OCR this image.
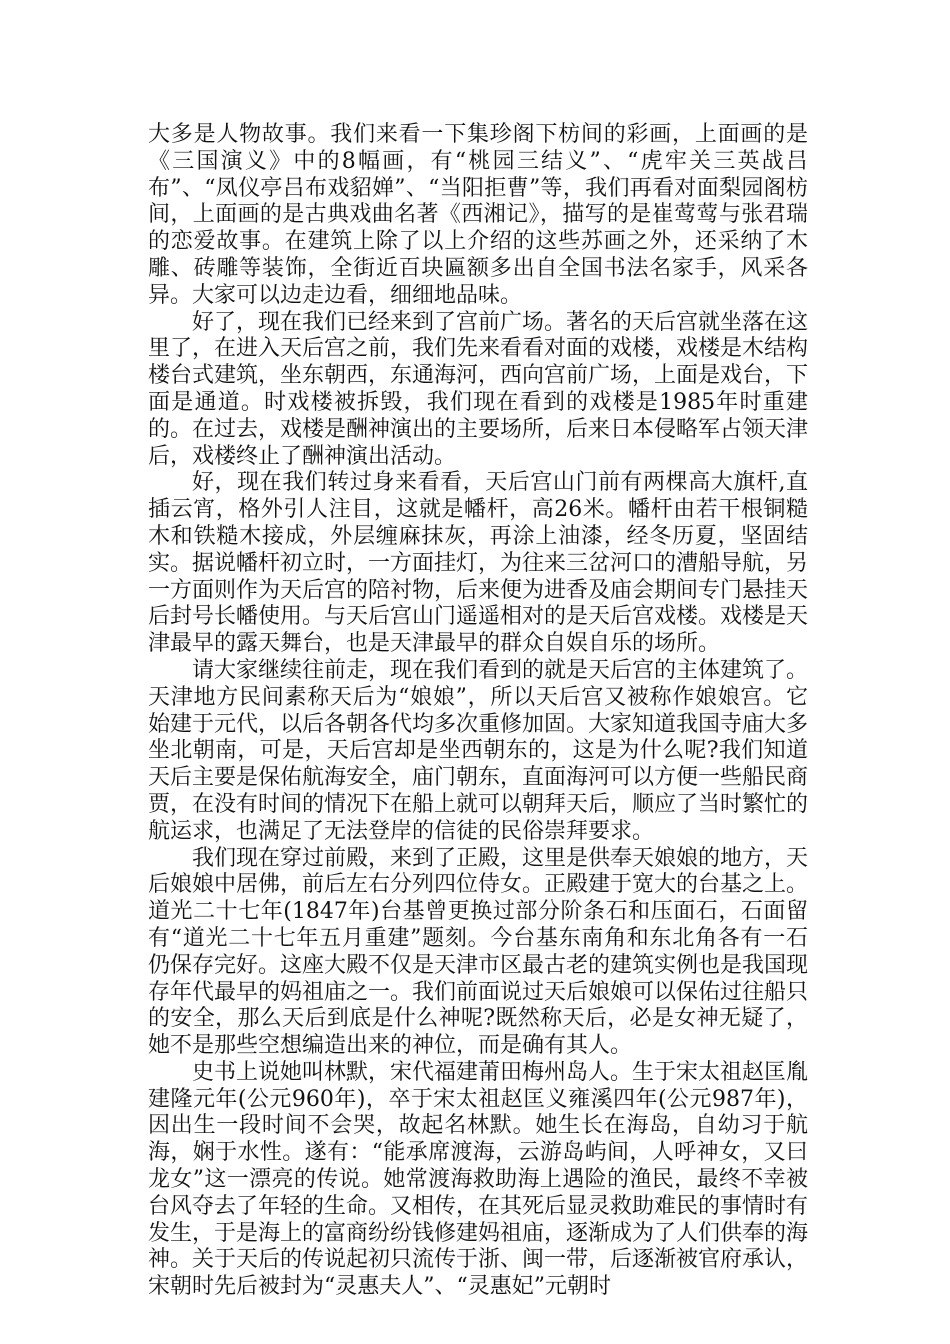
大多是人物故事。我们来看一下集珍阁下枋间的彩画，上面画的是《三国演义》中的8幅画，有“桃园三结义”、“虎牢关三英战吕布”、“凤仪亭吕布戏貂婵”、“当阳拒曹”等，我们再看对面梨园阁枋间，上面画的是古典戏曲名著《西湘记》，描写的是崔莺莺与张君瑞的恋爱故事。在建筑上除了以上介绍的这些苏画之外，还采纳了木雕、砖雕等装饰，全街近百块匾额多出自全国书法名家手，风采各异。大家可以边走边看，细细地品味。

好了，现在我们已经来到了宫前广场。著名的天后宫就坐落在这里了，在进入天后宫之前，我们先来看看对面的戏楼，戏楼是木结构楼台式建筑，坐东朝西，东通海河，西向宫前广场，上面是戏台，下面是通道。时戏楼被拆毁，我们现在看到的戏楼是1985年时重建的。在过去，戏楼是酬神演出的主要场所，后来日本侵略军占领天津后，戏楼终止了酬神演出活动。

好，现在我们转过身来看看，天后宫山门前有两棵高大旗杆,直插云宵，格外引人注目，这就是幡杆，高26米。幡杆由若干根铜糙木和铁糙木接成，外层缠麻抹灰，再涂上油漆，经冬历夏，坚固结实。据说幡杆初立时，一方面挂灯，为往来三岔河口的漕船导航，另一方面则作为天后宫的陪衬物，后来便为进香及庙会期间专门悬挂天后封号长幡使用。与天后宫山门遥遥相对的是天后宫戏楼。戏楼是天津最早的露天舞台，也是天津最早的群众自娱自乐的场所。

请大家继续往前走，现在我们看到的就是天后宫的主体建筑了。天津地方民间素称天后为“娘娘”，所以天后宫又被称作娘娘宫。它始建于元代，以后各朝各代均多次重修加固。大家知道我国寺庙大多坐北朝南，可是，天后宫却是坐西朝东的，这是为什么呢?我们知道天后主要是保佑航海安全，庙门朝东，直面海河可以方便一些船民商贾，在没有时间的情况下在船上就可以朝拜天后，顺应了当时繁忙的航运求，也满足了无法登岸的信徒的民俗崇拜要求。

我们现在穿过前殿，来到了正殿，这里是供奉天娘娘的地方，天后娘娘中居佛，前后左右分列四位侍女。正殿建于宽大的台基之上。道光二十七年(1847年)台基曾更换过部分阶条石和压面石，石面留有“道光二十七年五月重建”题刻。今台基东南角和东北角各有一石仍保存完好。这座大殿不仅是天津市区最古老的建筑实例也是我国现存年代最早的妈祖庙之一。我们前面说过天后娘娘可以保佑过往船只的安全，那么天后到底是什么神呢?既然称天后，必是女神无疑了，她不是那些空想编造出来的神位，而是确有其人。

史书上说她叫林默，宋代福建莆田梅州岛人。生于宋太祖赵匡胤建隆元年(公元960年)，卒于宋太祖赵匡义雍溪四年(公元987年)，因出生一段时间不会哭，故起名林默。她生长在海岛，自幼习于航海，娴于水性。遂有：“能承席渡海，云游岛屿间，人呼神女，又曰龙女”这一漂亮的传说。她常渡海救助海上遇险的渔民，最终不幸被台风夺去了年轻的生命。又相传，在其死后显灵救助难民的事情时有发生，于是海上的富商纷纷钱修建妈祖庙，逐渐成为了人们供奉的海神。关于天后的传说起初只流传于浙、闽一带，后逐渐被官府承认，宋朝时先后被封为“灵惠夫人”、“灵惠妃”元朝时
